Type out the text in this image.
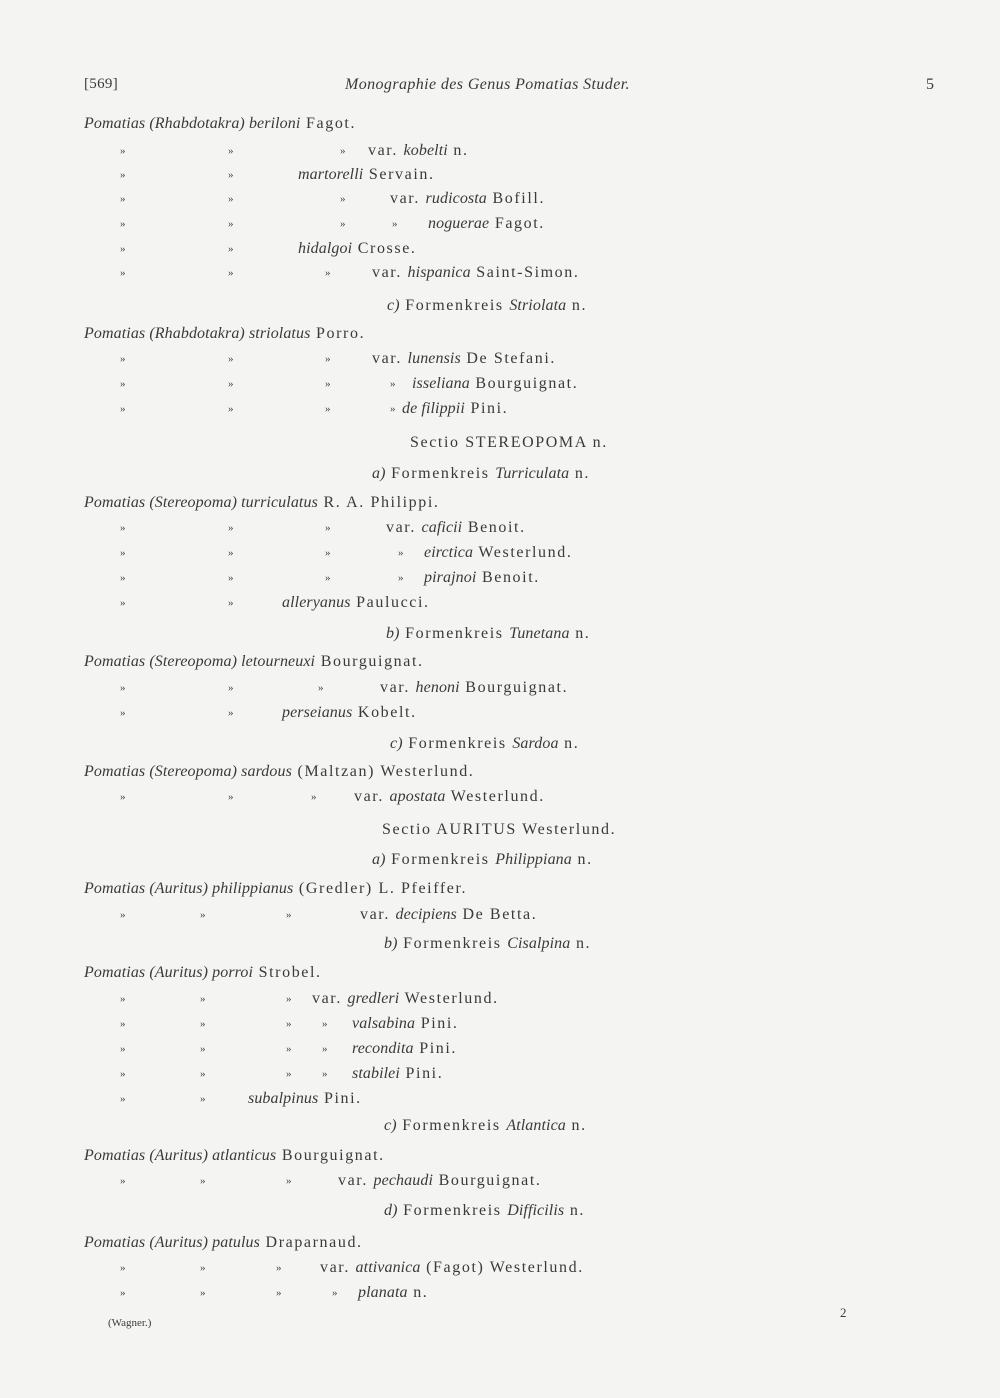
[569]	Monographie des Genus Pomatias Studer.	5
Pomatias (Rhabdotakra) beriloni Fagot.
»	»	» var. kobelti n.
»	»	martorelli Servain.
»	»	»	var. rudicosta Bofill.
»	»	»	» noguerae Fagot.
»	»	hidalgoi Crosse.
»	»	»	var. hispanica Saint-Simon.
c) Formenkreis Striolata n.
Pomatias (Rhabdotakra) striolatus Porro.
»	»	»	var. lunensis De Stefani.
»	»	»	» isseliana Bourguignat.
»	»	»	» de filippii Pini.
Sectio STEREOPOMA n.
a) Formenkreis Turriculata n.
Pomatias (Stereopoma) turriculatus R. A. Philippi.
»	»	»	var. caficii Benoit.
»	»	»	» eirctica Westerlund.
»	»	»	» pirajnoi Benoit.
»	»	alleryanus Paulucci.
b) Formenkreis Tunetana n.
Pomatias (Stereopoma) letourneuxi Bourguignat.
»	»	»	var. henoni Bourguignat.
»	»	perseianus Kobelt.
c) Formenkreis Sardoa n.
Pomatias (Stereopoma) sardous (Maltzan) Westerlund.
»	»	» var. apostata Westerlund.
Sectio AURITUS Westerlund.
a) Formenkreis Philippiana n.
Pomatias (Auritus) philippianus (Gredler) L. Pfeiffer.
»	»	»	var. decipiens De Betta.
b) Formenkreis Cisalpina n.
Pomatias (Auritus) porroi Strobel.
»	»	» var. gredleri Westerlund.
»	»	»	» valsabina Pini.
»	»	»	» recondita Pini.
»	»	»	» stabilei Pini.
»	»	subalpinus Pini.
c) Formenkreis Atlantica n.
Pomatias (Auritus) atlanticus Bourguignat.
»	»	»	var. pechaudi Bourguignat.
d) Formenkreis Difficilis n.
Pomatias (Auritus) patulus Draparnaud.
»	»	» var. attivanica (Fagot) Westerlund.
»	»	»	» planata n.
(Wagner.)
2
